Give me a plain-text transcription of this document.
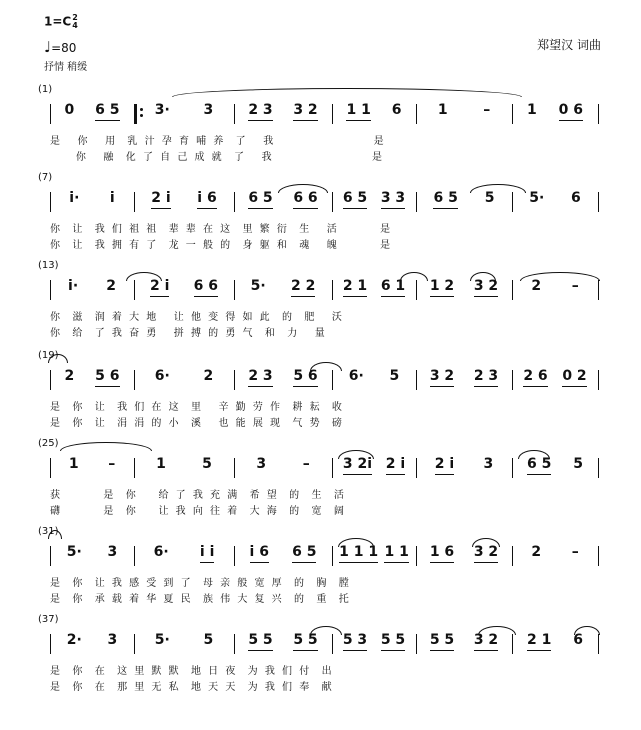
1=C 2
4
♩=80
抒情 稍缓
郑望汉 词曲
(1)
0 6 5	3· 3	2 3 3 2 1 1 6	1	–	1 0 6
是   你   用  乳 汁 孕 育 哺 养  了   我                   是
你   融  化 了 自 己 成 就  了   我                   是
(7)
i· i	2 i i 6 6 5 6 6 6 5 3 3 6 5 5 5· 6
你  让  我 们 祖 祖  辈 辈 在 这  里 繁 衍  生   活        是
你  让  我 拥 有 了  龙 一 般 的  身 躯 和  魂   魄        是
(13)
i· 2 2 i 6 6 5· 2 2 2 1 6 1 1 2 3 2 2 –
你  滋  润 着 大 地   让 他 变 得 如 此  的  肥   沃
你  给  了 我 奋 勇   拼 搏 的 勇 气  和  力   量
(19)
2 5 6	6· 2	2 3 5 6 6· 5 3 2 2 3 2 6 0 2
是  你  让  我 们 在 这  里   辛 勤 劳 作  耕 耘  收
是  你  让  涓 涓 的 小  溪   也 能 展 现  气 势  磅
(25)
1 –	1	5	3	– 3 2i 2 i 2 i 3 6 5 5
获        是  你    给 了 我 充 满  希 望  的  生  活
礴        是  你    让 我 向 往 着  大 海  的  宽  阔
(31)
5· 3	6· i i	i 6 6 5 1 1 1 1 1 1 6 3 2 2 –
是  你  让 我 感 受 到 了  母 亲 般 宽 厚  的  胸  膛
是  你  承 载 着 华 夏 民  族 伟 大 复 兴  的  重  托
(37)
2· 3	5· 5	5 5 5 5 5 3 5 5 5 5 3 2 2 1 6
是  你  在  这 里 默 默  地 日 夜  为 我 们 付  出
是  你  在  那 里 无 私  地 天 天  为 我 们 奉  献
